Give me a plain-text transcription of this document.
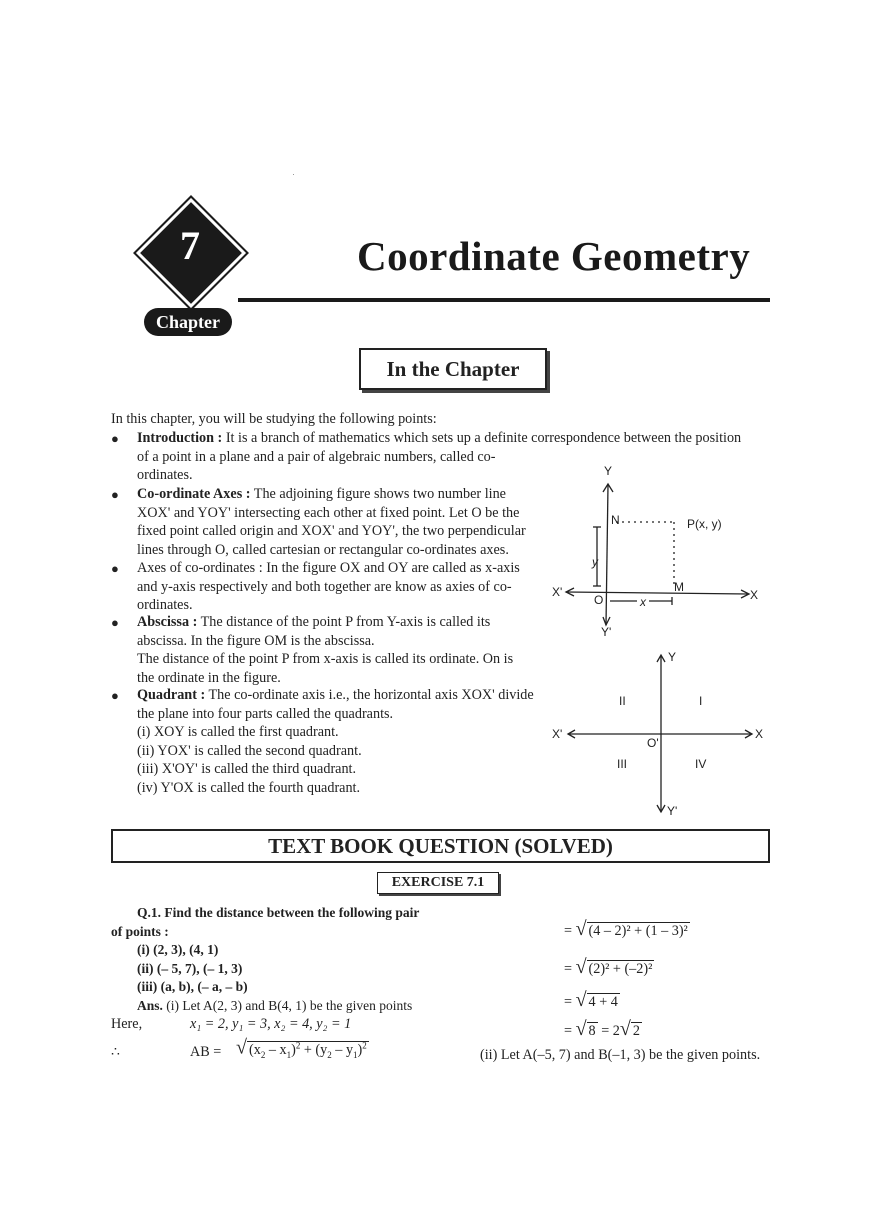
7
Chapter
Coordinate Geometry
In the Chapter
In this chapter, you will be studying the following points:
● Introduction : It is a branch of mathematics which sets up a definite correspondence between the position
of a point in a plane and a pair of algebraic numbers, called co-
ordinates.
● Co-ordinate Axes : The adjoining figure shows two number line
XOX' and YOY' intersecting each other at fixed point. Let O be the
fixed point called origin and XOX' and YOY', the two perpendicular
lines through O, called cartesian or rectangular co-ordinates axes.
● Axes of co-ordinates : In the figure OX and OY are called as x-axis
and y-axis respectively and both together are know as axies of co-
ordinates.
● Abscissa : The distance of the point P from Y-axis is called its
abscissa. In the figure OM is the abscissa.
The distance of the point P from x-axis is called its ordinate. On is
the ordinate in the figure.
● Quadrant : The co-ordinate axis i.e., the horizontal axis XOX' divide
the plane into four parts called the quadrants.
(i) XOY is called the first quadrant.
(ii) YOX' is called the second quadrant.
(iii) X'OY' is called the third quadrant.
(iv) Y'OX is called the fourth quadrant.
Y
N	P(x, y)
y
X'	M
X
O	x
Y'
Y
II	I
X'	X
O'
III	IV
Y'
TEXT BOOK QUESTION (SOLVED)
EXERCISE 7.1
Q.1. Find the distance between the following pair
of points :
(i) (2, 3), (4, 1)
(ii) (– 5, 7), (– 1, 3)
(iii) (a, b), (– a, – b)
Ans. (i) Let A(2, 3) and B(4, 1) be the given points
Here,	x₁ = 2, y₁ = 3, x₂ = 4, y₂ = 1
∴	AB = √ $(x_2 - x_1)^2 + (y_2 - y_1)^2$
= √ (4 – 2)² + (1 – 3)²
= √ (2)² + (–2)²
= √ 4 + 4
= √ 8 = 2√ 2
(ii) Let A(–5, 7) and B(–1, 3) be the given points.
